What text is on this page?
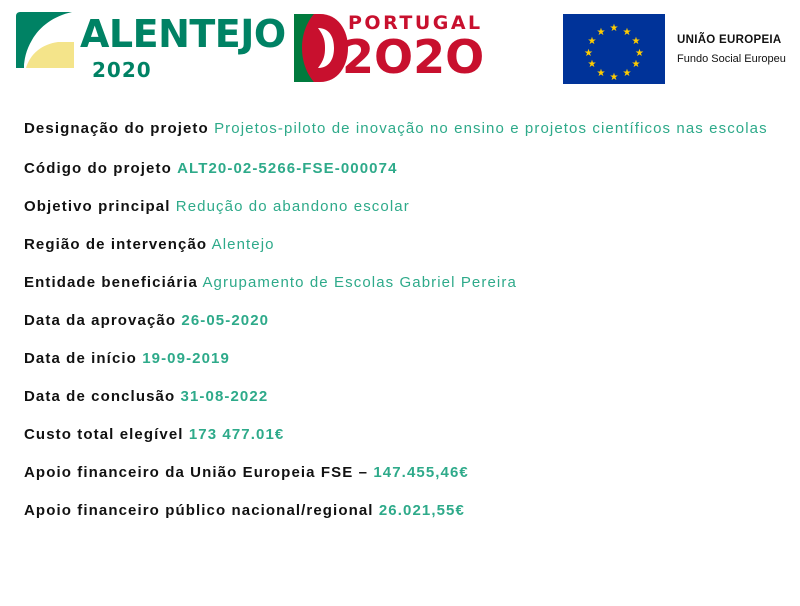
ALENTEJO
2020
PORTUGAL
2O2O
★
★ ★
★	★
★	★
★	★
★ ★
★
UNIÃO EUROPEIA
Fundo Social Europeu
Designação do projeto Projetos-piloto de inovação no ensino e projetos científicos nas escolas
Código do projeto ALT20-02-5266-FSE-000074
Objetivo principal Redução do abandono escolar
Região de intervenção Alentejo
Entidade beneficiária Agrupamento de Escolas Gabriel Pereira
Data da aprovação 26-05-2020
Data de início 19-09-2019
Data de conclusão 31-08-2022
Custo total elegível 173 477.01€
Apoio financeiro da União Europeia FSE – 147.455,46€
Apoio financeiro público nacional/regional 26.021,55€
